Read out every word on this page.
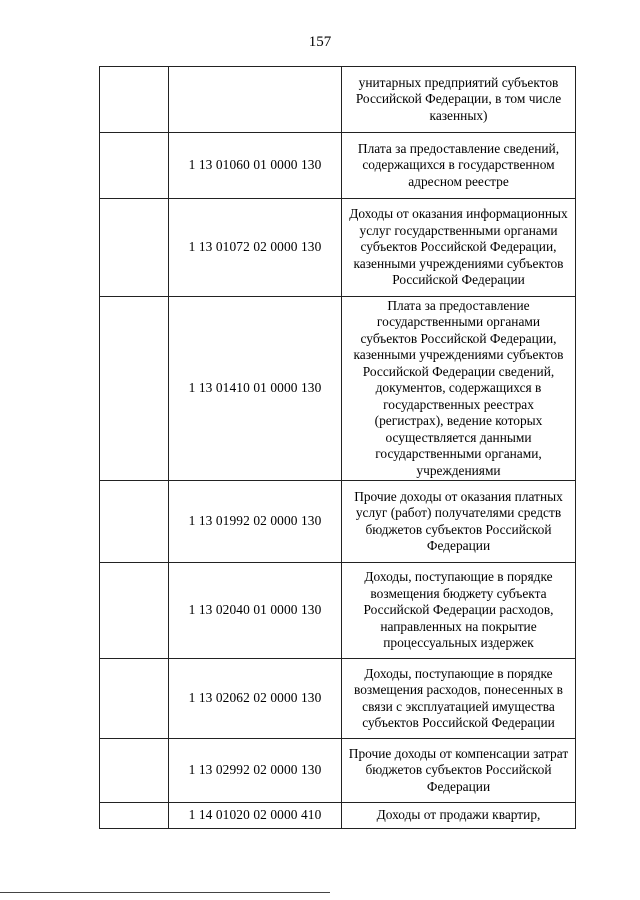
157
		унитарных предприятий субъектов Российской Федерации, в том числе казенных)
	1 13 01060 01 0000 130	Плата за предоставление сведений, содержащихся в государственном адресном реестре
	1 13 01072 02 0000 130	Доходы от оказания информационных услуг государственными органами субъектов Российской Федерации, казенными учреждениями субъектов Российской Федерации
	1 13 01410 01 0000 130	Плата за предоставление государственными органами субъектов Российской Федерации, казенными учреждениями субъектов Российской Федерации сведений, документов, содержащихся в государственных реестрах (регистрах), ведение которых осуществляется данными государственными органами, учреждениями
	1 13 01992 02 0000 130	Прочие доходы от оказания платных услуг (работ) получателями средств бюджетов субъектов Российской Федерации
	1 13 02040 01 0000 130	Доходы, поступающие в порядке возмещения бюджету субъекта Российской Федерации расходов, направленных на покрытие процессуальных издержек
	1 13 02062 02 0000 130	Доходы, поступающие в порядке возмещения расходов, понесенных в связи с эксплуатацией имущества субъектов Российской Федерации
	1 13 02992 02 0000 130	Прочие доходы от компенсации затрат бюджетов субъектов Российской Федерации
	1 14 01020 02 0000 410	Доходы от продажи квартир,
